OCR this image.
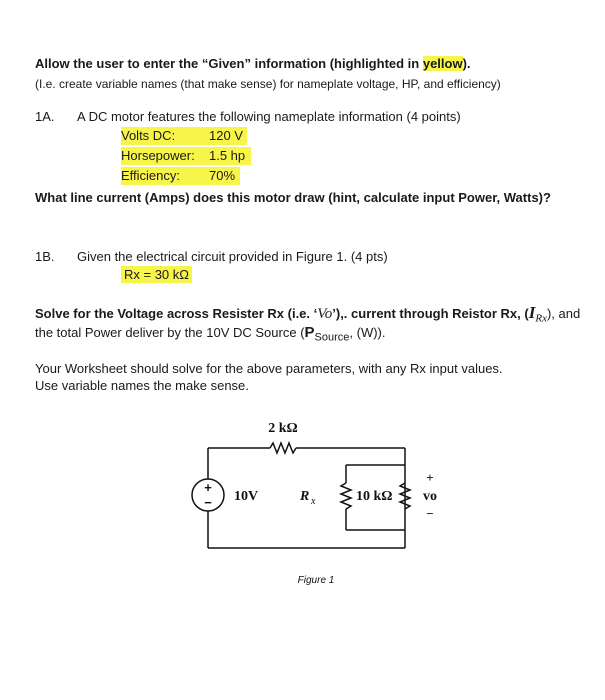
Allow the user to enter the “Given” information (highlighted in yellow).
(I.e. create variable names (that make sense) for nameplate voltage, HP, and efficiency)
1A. A DC motor features the following nameplate information (4 points)
Volts DC:	120 V
Horsepower: 1.5 hp
Efficiency: 70%
What line current (Amps) does this motor draw (hint, calculate input Power, Watts)?
1B. Given the electrical circuit provided in Figure 1. (4 pts)
Rx = 30 kΩ
Solve for the Voltage across Resister Rx (i.e. ‘Vo’),. current through Reistor Rx, $(I_{Rx})$, and
the total Power deliver by the 10V DC Source ($P_{Source}$, (W)).
Your Worksheet should solve for the above parameters, with any Rx input values.
Use variable names the make sense.
+
−
2 kΩ
10V	R x	10 kΩ
+
vo
−
Figure 1
